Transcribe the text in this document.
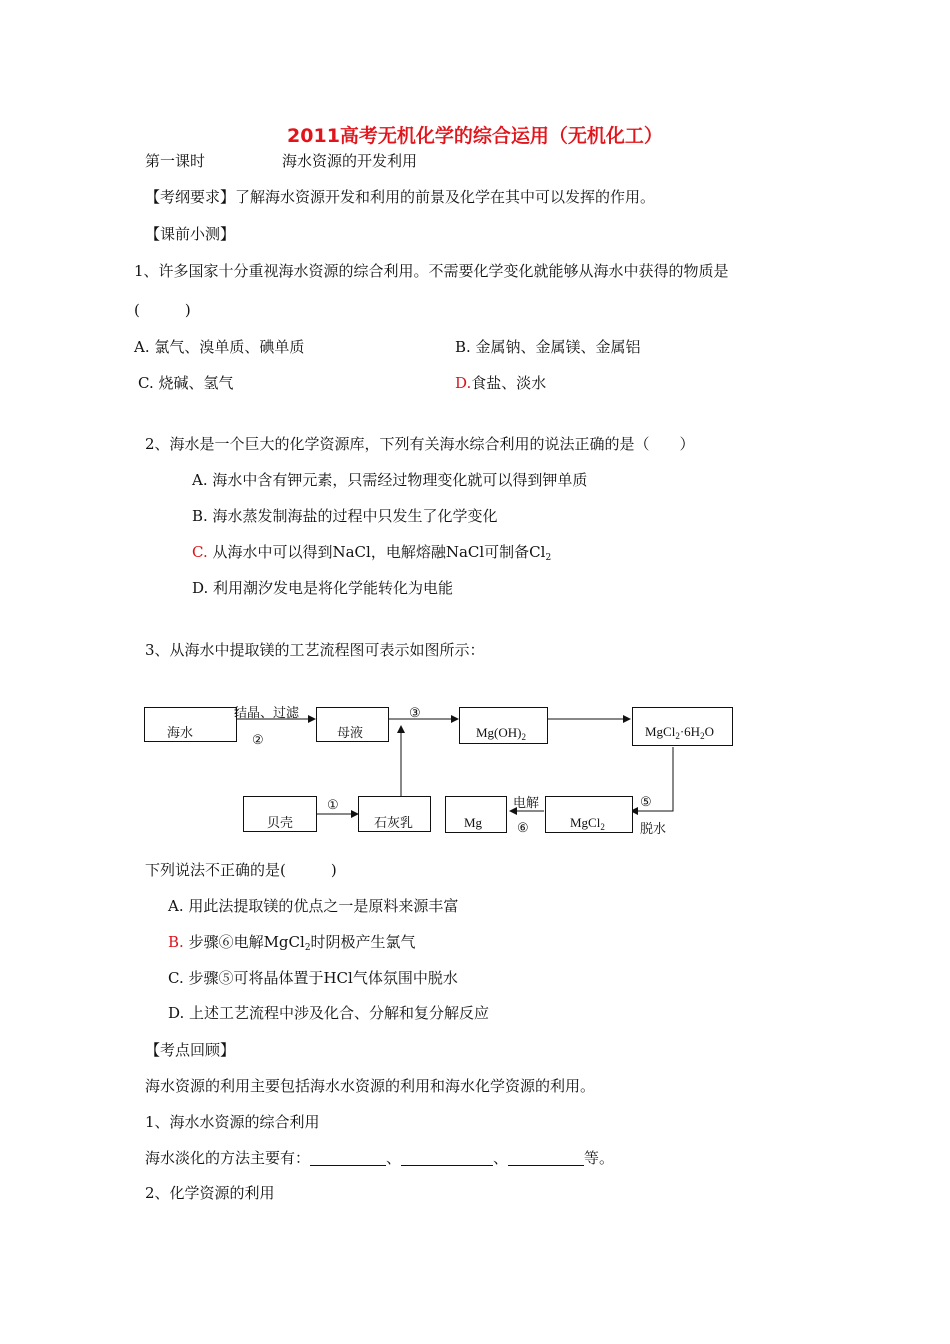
2011高考无机化学的综合运用（无机化工）
第一课时	海水资源的开发利用
【考纲要求】了解海水资源开发和利用的前景及化学在其中可以发挥的作用。
【课前小测】
1、许多国家十分重视海水资源的综合利用。不需要化学变化就能够从海水中获得的物质是
(　　　)
A. 氯气、溴单质、碘单质	B. 金属钠、金属镁、金属铝
C. 烧碱、氢气	D.食盐、淡水
2、海水是一个巨大的化学资源库，下列有关海水综合利用的说法正确的是（　　）
A. 海水中含有钾元素，只需经过物理变化就可以得到钾单质
B. 海水蒸发制海盐的过程中只发生了化学变化
C. 从海水中可以得到NaCl，电解熔融NaCl可制备$Cl_2$
D. 利用潮汐发电是将化学能转化为电能
3、从海水中提取镁的工艺流程图可表示如图所示：
海水	母液	$Mg(OH)_2$	$MgCl_2\cdot 6H_2O$
贝壳	石灰乳	Mg	MgCl$_2$
结晶、过滤
②
③
①	⑤
脱水
电解
⑥
下列说法不正确的是(　　　)
A. 用此法提取镁的优点之一是原料来源丰富
B. 步骤⑥电解MgCl$_2$时阴极产生氯气
C. 步骤⑤可将晶体置于HCl气体氛围中脱水
D. 上述工艺流程中涉及化合、分解和复分解反应
【考点回顾】
海水资源的利用主要包括海水水资源的利用和海水化学资源的利用。
1、海水水资源的综合利用
海水淡化的方法主要有：	、	、	等。
2、化学资源的利用
